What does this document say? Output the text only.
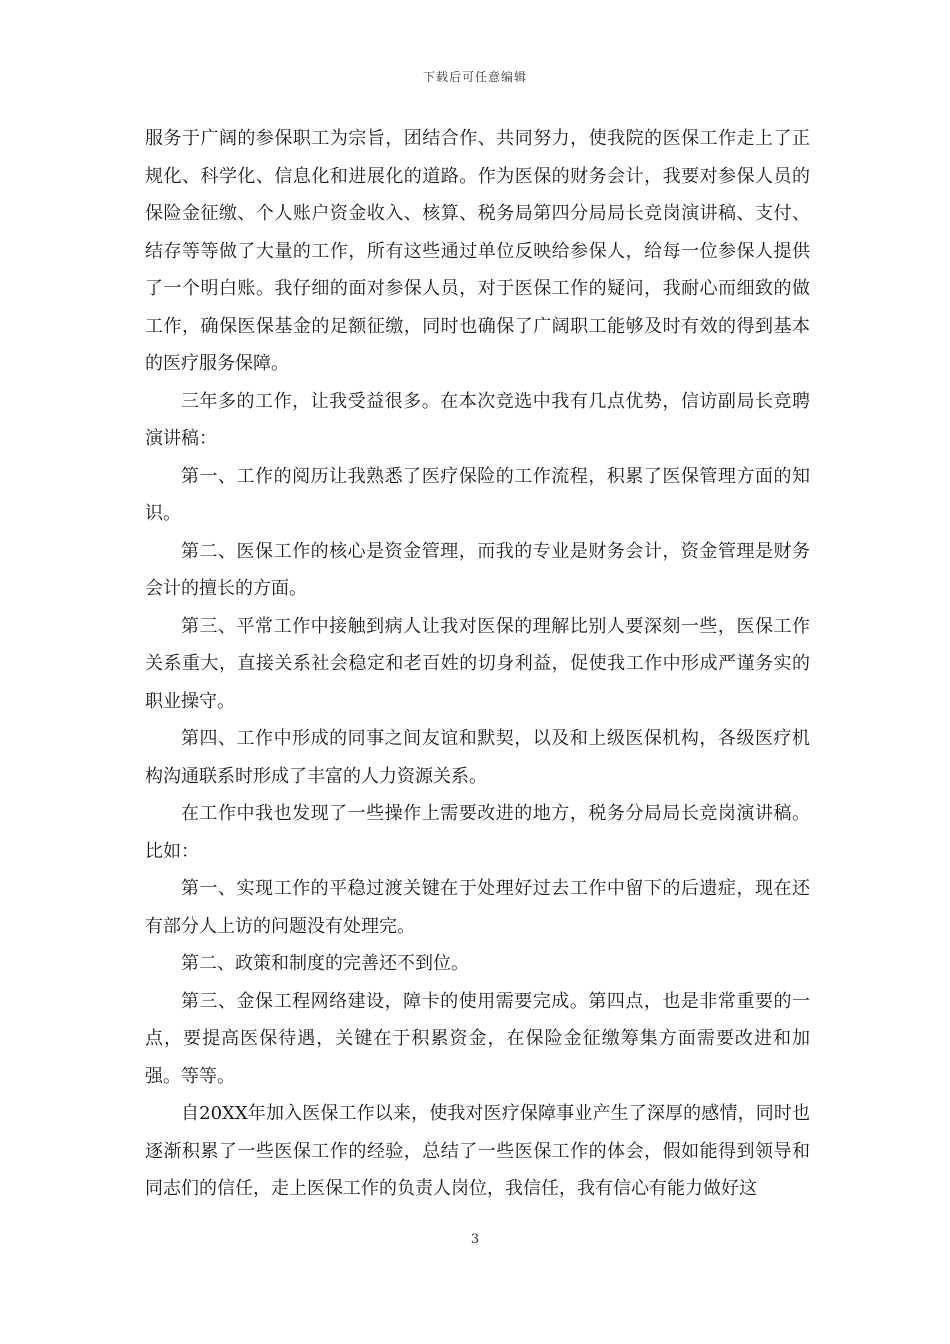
下载后可任意编辑

服务于广阔的参保职工为宗旨，团结合作、共同努力，使我院的医保工作走上了正规化、科学化、信息化和进展化的道路。作为医保的财务会计，我要对参保人员的保险金征缴、个人账户资金收入、核算、税务局第四分局局长竞岗演讲稿、支付、结存等等做了大量的工作，所有这些通过单位反映给参保人，给每一位参保人提供了一个明白账。我仔细的面对参保人员，对于医保工作的疑问，我耐心而细致的做工作，确保医保基金的足额征缴，同时也确保了广阔职工能够及时有效的得到基本的医疗服务保障。

三年多的工作，让我受益很多。在本次竞选中我有几点优势，信访副局长竞聘演讲稿：

第一、工作的阅历让我熟悉了医疗保险的工作流程，积累了医保管理方面的知识。

第二、医保工作的核心是资金管理，而我的专业是财务会计，资金管理是财务会计的擅长的方面。

第三、平常工作中接触到病人让我对医保的理解比别人要深刻一些，医保工作关系重大，直接关系社会稳定和老百姓的切身利益，促使我工作中形成严谨务实的职业操守。

第四、工作中形成的同事之间友谊和默契，以及和上级医保机构，各级医疗机构沟通联系时形成了丰富的人力资源关系。

在工作中我也发现了一些操作上需要改进的地方，税务分局局长竞岗演讲稿。比如：

第一、实现工作的平稳过渡关键在于处理好过去工作中留下的后遗症，现在还有部分人上访的问题没有处理完。

第二、政策和制度的完善还不到位。

第三、金保工程网络建设，障卡的使用需要完成。第四点，也是非常重要的一点，要提高医保待遇，关键在于积累资金，在保险金征缴筹集方面需要改进和加强。等等。

自20XX年加入医保工作以来，使我对医疗保障事业产生了深厚的感情，同时也逐渐积累了一些医保工作的经验，总结了一些医保工作的体会，假如能得到领导和同志们的信任，走上医保工作的负责人岗位，我信任，我有信心有能力做好这

3
